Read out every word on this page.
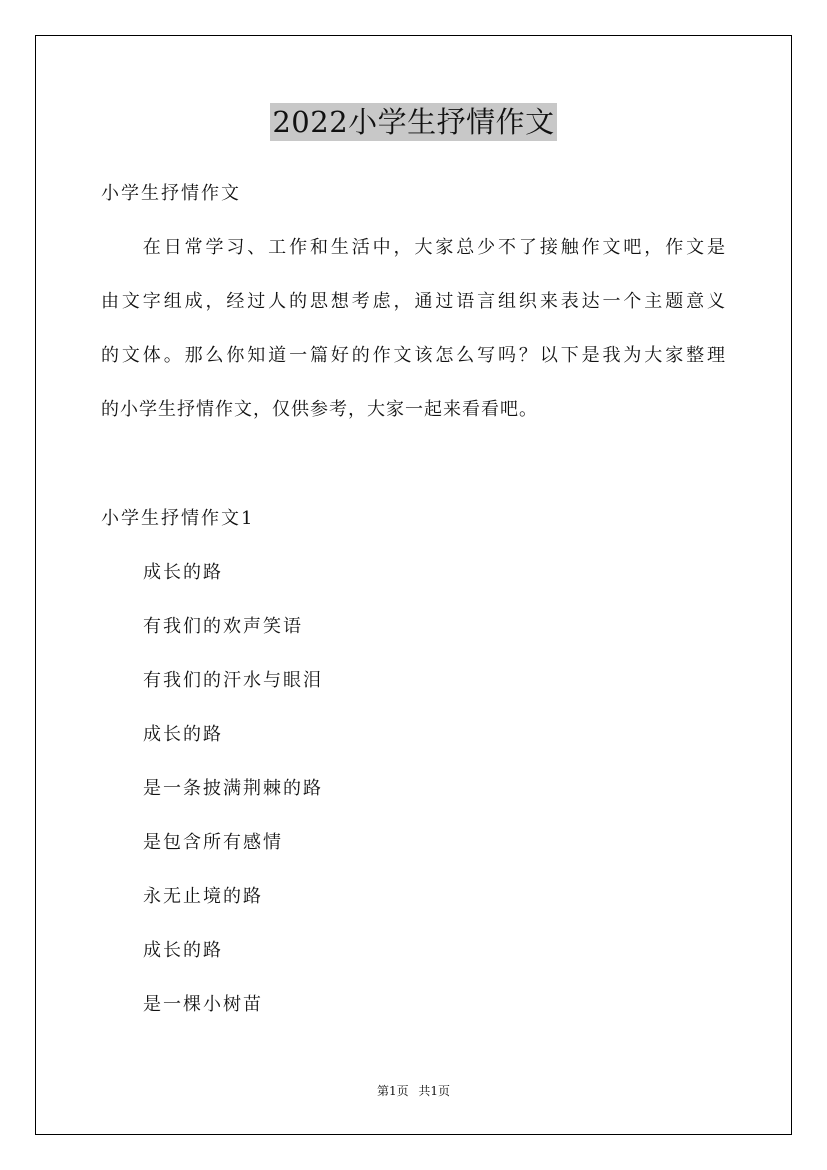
2022小学生抒情作文
小学生抒情作文
　　在日常学习、工作和生活中，大家总少不了接触作文吧，作文是
由文字组成，经过人的思想考虑，通过语言组织来表达一个主题意义
的文体。那么你知道一篇好的作文该怎么写吗？以下是我为大家整理
的小学生抒情作文，仅供参考，大家一起来看看吧。
小学生抒情作文1
成长的路
有我们的欢声笑语
有我们的汗水与眼泪
成长的路
是一条披满荆棘的路
是包含所有感情
永无止境的路
成长的路
是一棵小树苗
第1页 共1页
